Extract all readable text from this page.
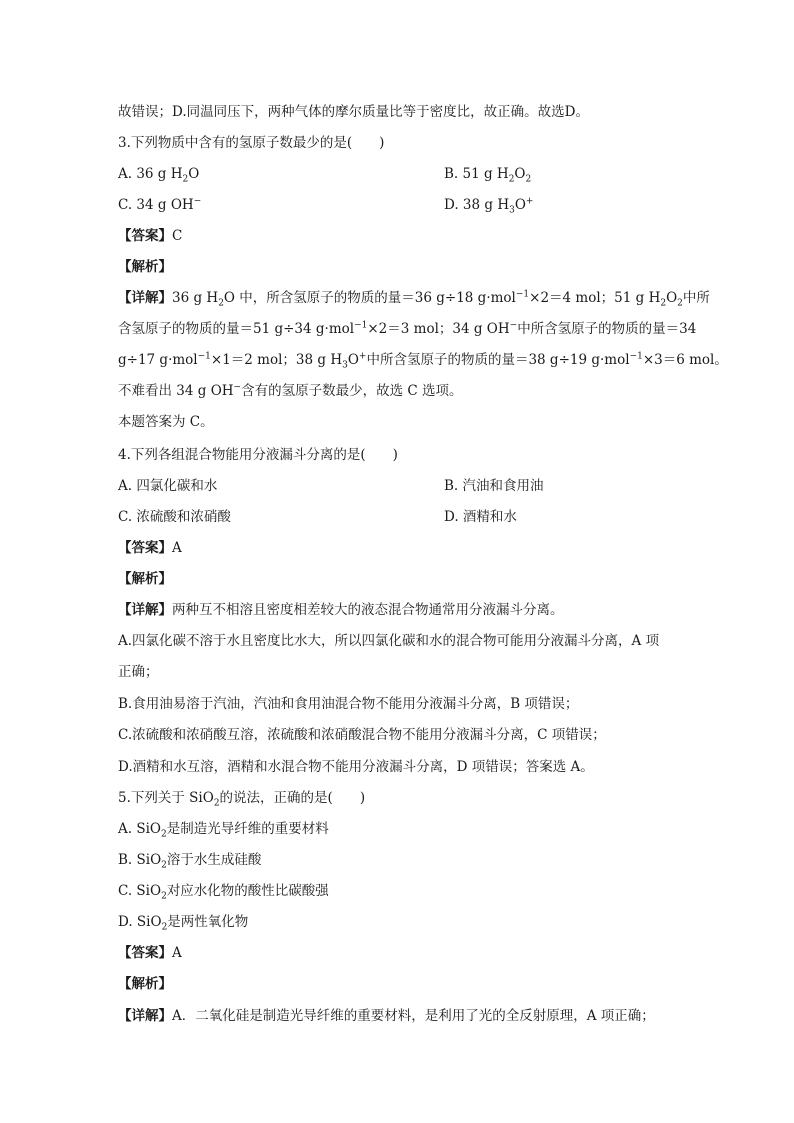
故错误；D.同温同压下，两种气体的摩尔质量比等于密度比，故正确。故选D。
3.下列物质中含有的氢原子数最少的是(　　)
A. 36 g $H_2O$	B. 51 g $H_2O_2$
C. 34 g OH−	D. 38 g $H_3O^+$
【答案】C
【解析】
【详解】36 g $H_2O$ 中，所含氢原子的物质的量＝36 g÷18 g·mol$^{-1}$×2＝4 mol；51 g $H_2O_2$中所
含氢原子的物质的量＝51 g÷34 g·mol$^{-1}$×2＝3 mol；34 g OH−中所含氢原子的物质的量＝34
g÷17 g·mol$^{-1}$×1＝2 mol；38 g $H_3O^+$中所含氢原子的物质的量＝38 g÷19 g·mol$^{-1}$×3＝6 mol。
不难看出 34 g OH−含有的氢原子数最少，故选 C 选项。
本题答案为 C。
4.下列各组混合物能用分液漏斗分离的是(　　)
A. 四氯化碳和水	B. 汽油和食用油
C. 浓硫酸和浓硝酸	D. 酒精和水
【答案】A
【解析】
【详解】两种互不相溶且密度相差较大的液态混合物通常用分液漏斗分离。
A.四氯化碳不溶于水且密度比水大，所以四氯化碳和水的混合物可能用分液漏斗分离，A 项
正确；
B.食用油易溶于汽油，汽油和食用油混合物不能用分液漏斗分离，B 项错误；
C.浓硫酸和浓硝酸互溶，浓硫酸和浓硝酸混合物不能用分液漏斗分离，C 项错误；
D.酒精和水互溶，酒精和水混合物不能用分液漏斗分离，D 项错误；答案选 A。
5.下列关于 SiO$_2$的说法，正确的是(　　)
A. SiO$_2$是制造光导纤维的重要材料
B. SiO$_2$溶于水生成硅酸
C. SiO$_2$对应水化物的酸性比碳酸强
D. SiO$_2$是两性氧化物
【答案】A
【解析】
【详解】A．二氧化硅是制造光导纤维的重要材料，是利用了光的全反射原理，A 项正确；
